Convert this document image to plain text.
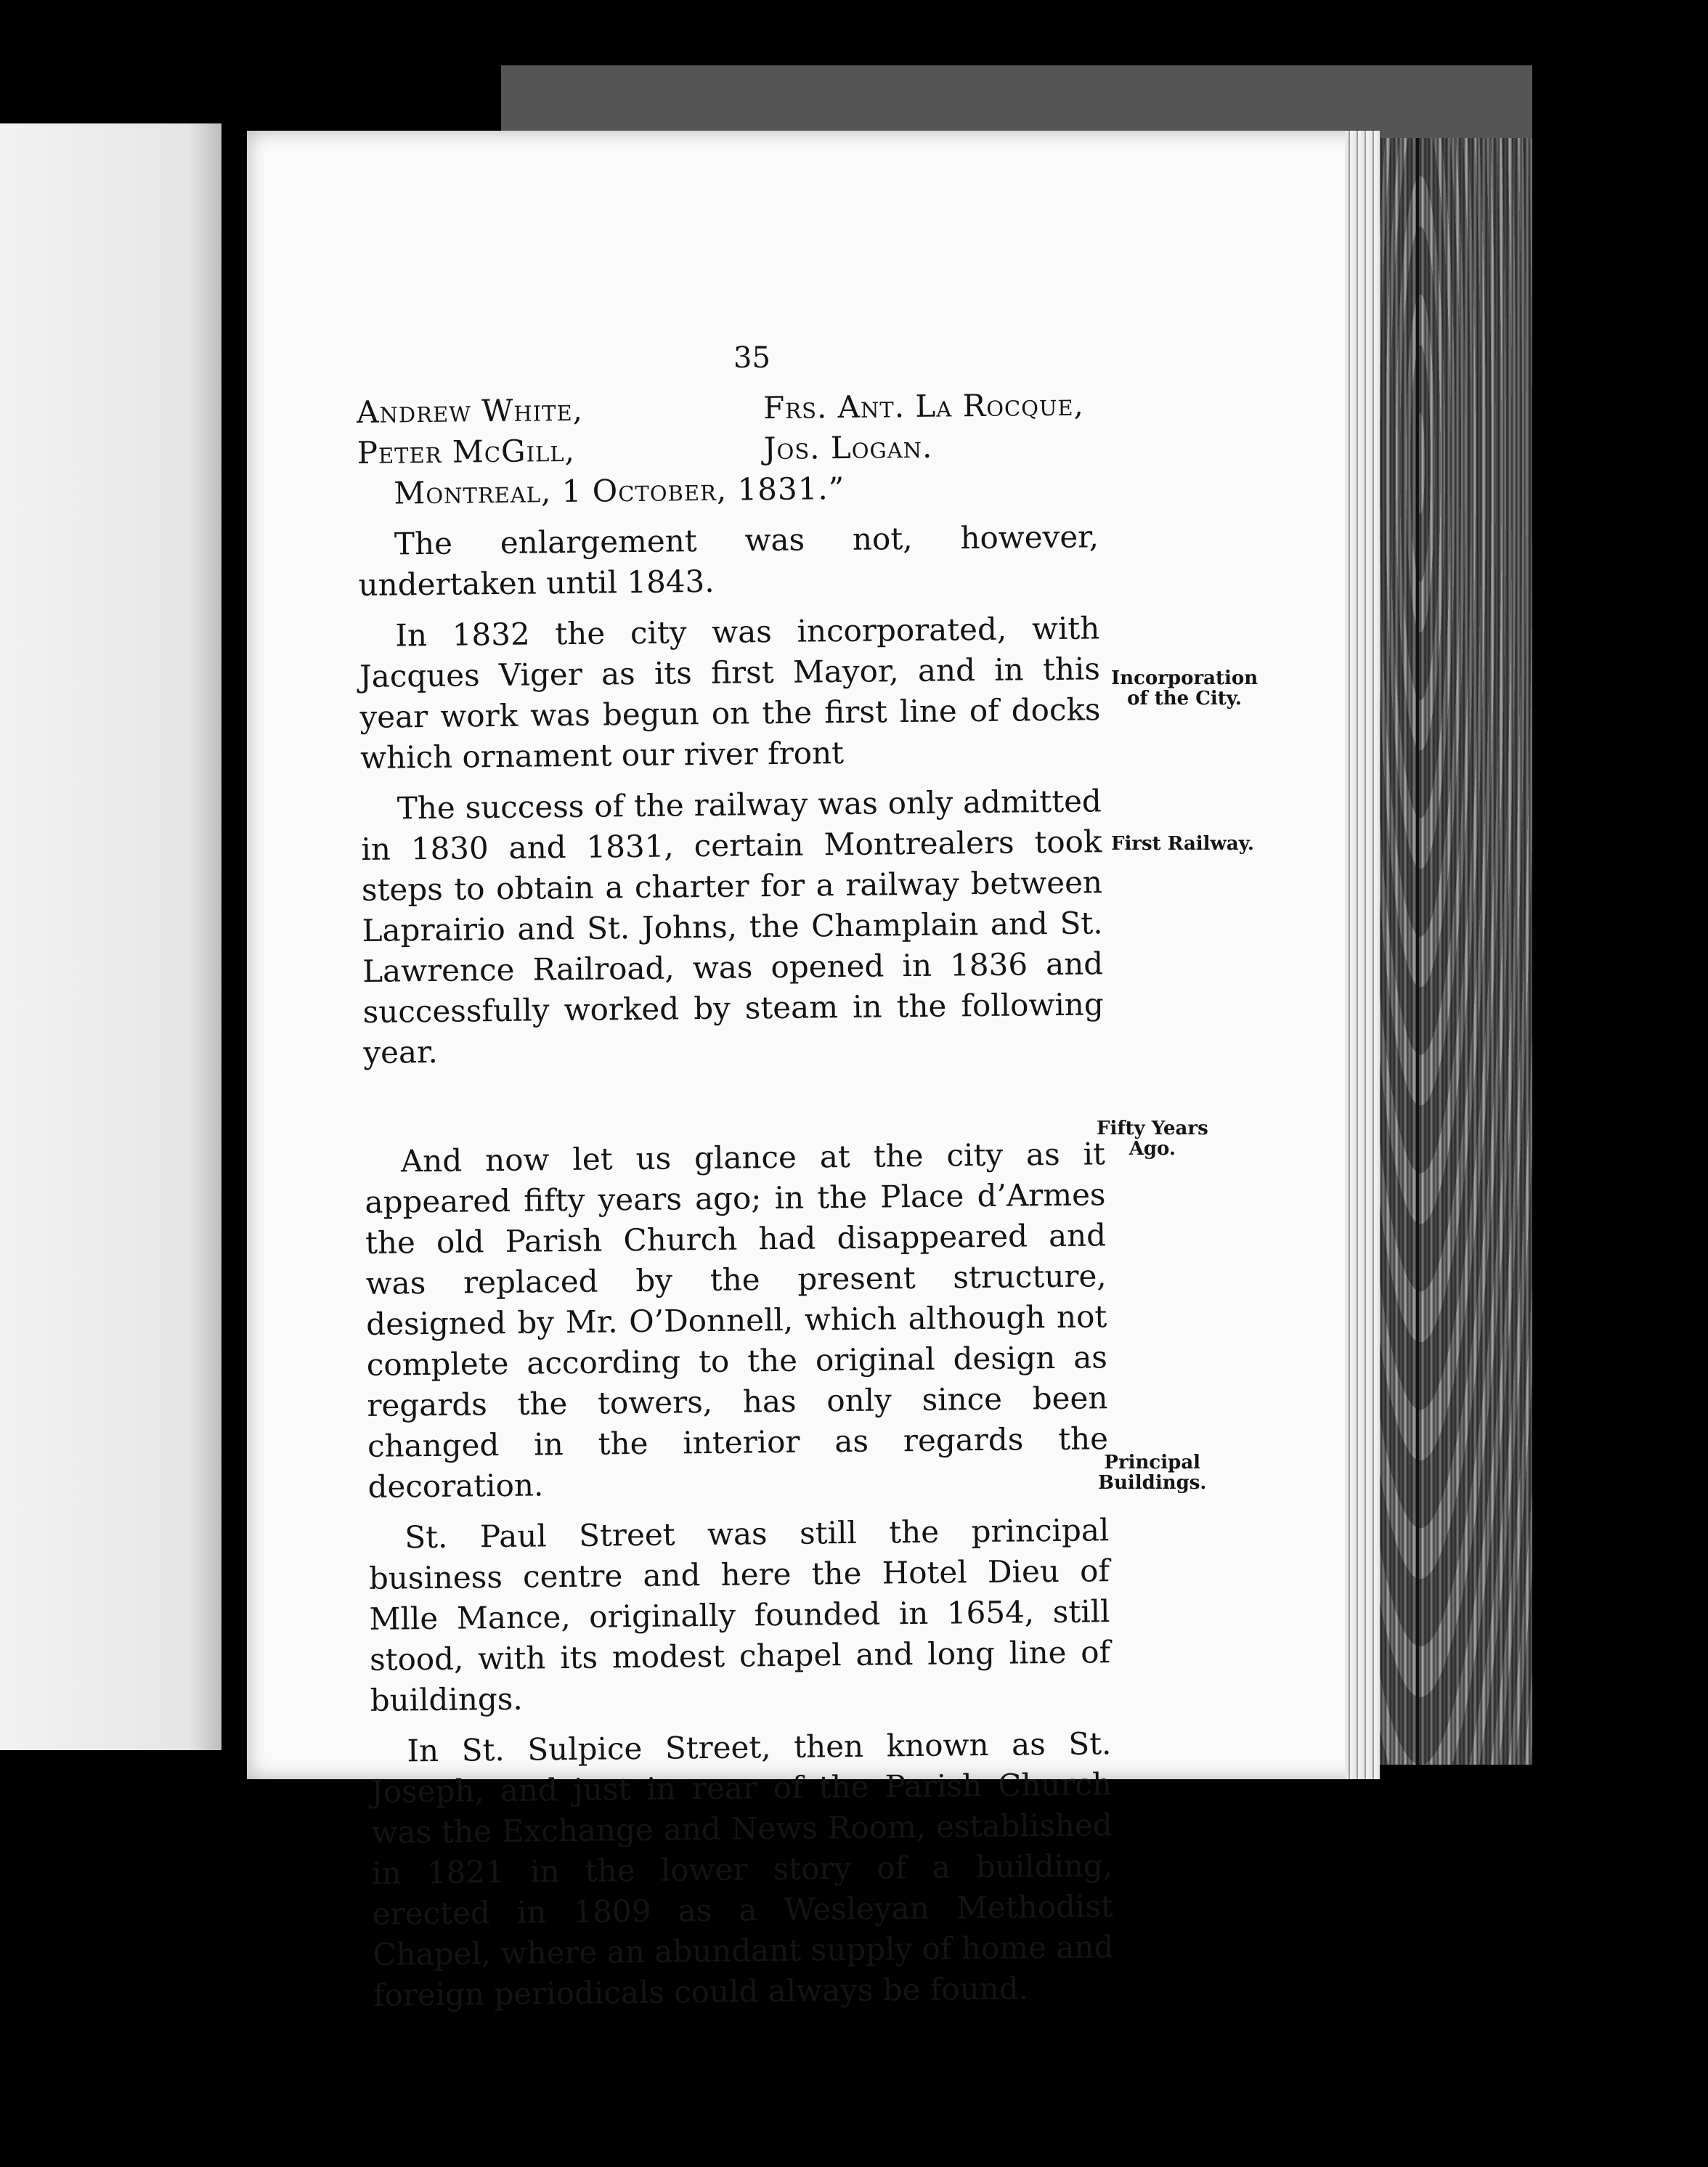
35
Andrew White,
Peter McGill,
Frs. Ant. La Rocque,
Jos. Logan.
Montreal, 1 October, 1831.”

The enlargement was not, however, undertaken until 1843.

In 1832 the city was incorporated, with Jacques Viger as its first Mayor, and in this year work was begun on the first line of docks which ornament our river front

The success of the railway was only admitted in 1830 and 1831, certain Montrealers took steps to obtain a charter for a railway between Laprairio and St. Johns, the Champlain and St. Lawrence Railroad, was opened in 1836 and successfully worked by steam in the following year.

And now let us glance at the city as it appeared fifty years ago; in the Place d’Armes the old Parish Church had disappeared and was replaced by the present structure, designed by Mr. O’Donnell, which although not complete according to the original design as regards the towers, has only since been changed in the interior as regards the decoration.

St. Paul Street was still the principal business centre and here the Hotel Dieu of Mlle Mance, originally founded in 1654, still stood, with its modest chapel and long line of buildings.

In St. Sulpice Street, then known as St. Joseph, and just in rear of the Parish Church was the Exchange and News Room, established in 1821 in the lower story of a building, erected in 1809 as a Wesleyan Methodist Chapel, where an abundant supply of home and foreign periodicals could always be found.

Incorporation
of the City.
First Railway.
Fifty Years
Ago.
Principal
Buildings.
